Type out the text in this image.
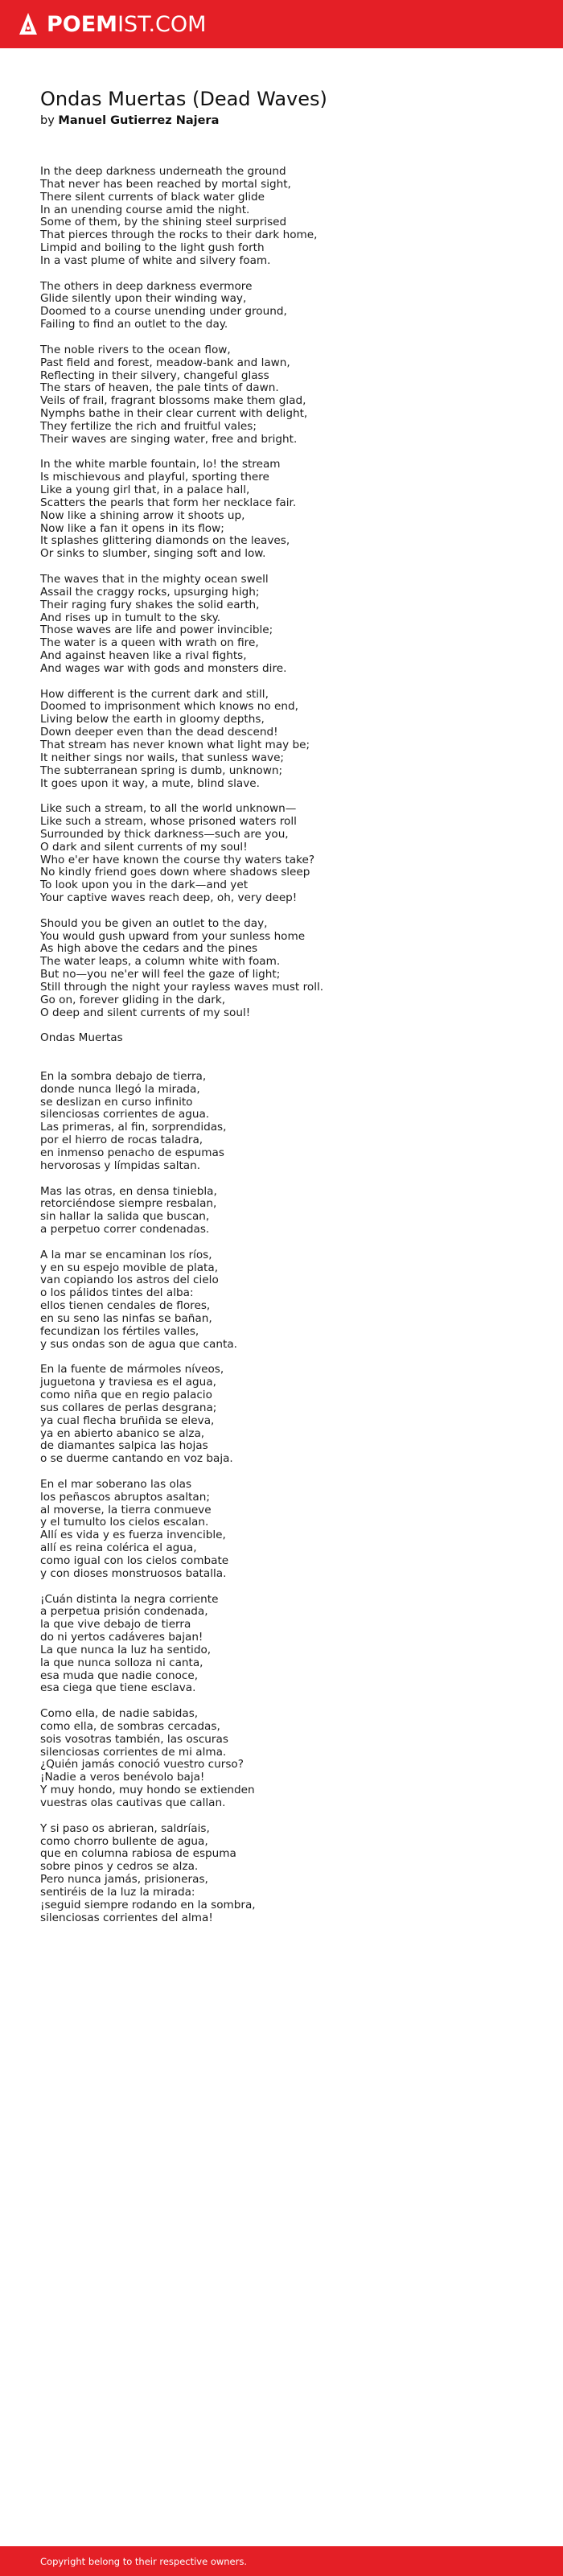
POEMIST.COM
Ondas Muertas (Dead Waves)
by Manuel Gutierrez Najera
In the deep darkness underneath the ground
That never has been reached by mortal sight,
There silent currents of black water glide
In an unending course amid the night.
Some of them, by the shining steel surprised
That pierces through the rocks to their dark home,
Limpid and boiling to the light gush forth
In a vast plume of white and silvery foam.
The others in deep darkness evermore
Glide silently upon their winding way,
Doomed to a course unending under ground,
Failing to find an outlet to the day.
The noble rivers to the ocean flow,
Past field and forest, meadow-bank and lawn,
Reflecting in their silvery, changeful glass
The stars of heaven, the pale tints of dawn.
Veils of frail, fragrant blossoms make them glad,
Nymphs bathe in their clear current with delight,
They fertilize the rich and fruitful vales;
Their waves are singing water, free and bright.
In the white marble fountain, lo! the stream
Is mischievous and playful, sporting there
Like a young girl that, in a palace hall,
Scatters the pearls that form her necklace fair.
Now like a shining arrow it shoots up,
Now like a fan it opens in its flow;
It splashes glittering diamonds on the leaves,
Or sinks to slumber, singing soft and low.
The waves that in the mighty ocean swell
Assail the craggy rocks, upsurging high;
Their raging fury shakes the solid earth,
And rises up in tumult to the sky.
Those waves are life and power invincible;
The water is a queen with wrath on fire,
And against heaven like a rival fights,
And wages war with gods and monsters dire.
How different is the current dark and still,
Doomed to imprisonment which knows no end,
Living below the earth in gloomy depths,
Down deeper even than the dead descend!
That stream has never known what light may be;
It neither sings nor wails, that sunless wave;
The subterranean spring is dumb, unknown;
It goes upon it way, a mute, blind slave.
Like such a stream, to all the world unknown—
Like such a stream, whose prisoned waters roll
Surrounded by thick darkness—such are you,
O dark and silent currents of my soul!
Who e'er have known the course thy waters take?
No kindly friend goes down where shadows sleep
To look upon you in the dark—and yet
Your captive waves reach deep, oh, very deep!
Should you be given an outlet to the day,
You would gush upward from your sunless home
As high above the cedars and the pines
The water leaps, a column white with foam.
But no—you ne'er will feel the gaze of light;
Still through the night your rayless waves must roll.
Go on, forever gliding in the dark,
O deep and silent currents of my soul!
Ondas Muertas
En la sombra debajo de tierra,
donde nunca llegó la mirada,
se deslizan en curso infinito
silenciosas corrientes de agua.
Las primeras, al fin, sorprendidas,
por el hierro de rocas taladra,
en inmenso penacho de espumas
hervorosas y límpidas saltan.
Mas las otras, en densa tiniebla,
retorciéndose siempre resbalan,
sin hallar la salida que buscan,
a perpetuo correr condenadas.
A la mar se encaminan los ríos,
y en su espejo movible de plata,
van copiando los astros del cielo
o los pálidos tintes del alba:
ellos tienen cendales de flores,
en su seno las ninfas se bañan,
fecundizan los fértiles valles,
y sus ondas son de agua que canta.
En la fuente de mármoles níveos,
juguetona y traviesa es el agua,
como niña que en regio palacio
sus collares de perlas desgrana;
ya cual flecha bruñida se eleva,
ya en abierto abanico se alza,
de diamantes salpica las hojas
o se duerme cantando en voz baja.
En el mar soberano las olas
los peñascos abruptos asaltan;
al moverse, la tierra conmueve
y el tumulto los cielos escalan.
Allí es vida y es fuerza invencible,
allí es reina colérica el agua,
como igual con los cielos combate
y con dioses monstruosos batalla.
¡Cuán distinta la negra corriente
a perpetua prisión condenada,
la que vive debajo de tierra
do ni yertos cadáveres bajan!
La que nunca la luz ha sentido,
la que nunca solloza ni canta,
esa muda que nadie conoce,
esa ciega que tiene esclava.
Como ella, de nadie sabidas,
como ella, de sombras cercadas,
sois vosotras también, las oscuras
silenciosas corrientes de mi alma.
¿Quién jamás conoció vuestro curso?
¡Nadie a veros benévolo baja!
Y muy hondo, muy hondo se extienden
vuestras olas cautivas que callan.
Y si paso os abrieran, saldríais,
como chorro bullente de agua,
que en columna rabiosa de espuma
sobre pinos y cedros se alza.
Pero nunca jamás, prisioneras,
sentiréis de la luz la mirada:
¡seguid siempre rodando en la sombra,
silenciosas corrientes del alma!
Copyright belong to their respective owners.
